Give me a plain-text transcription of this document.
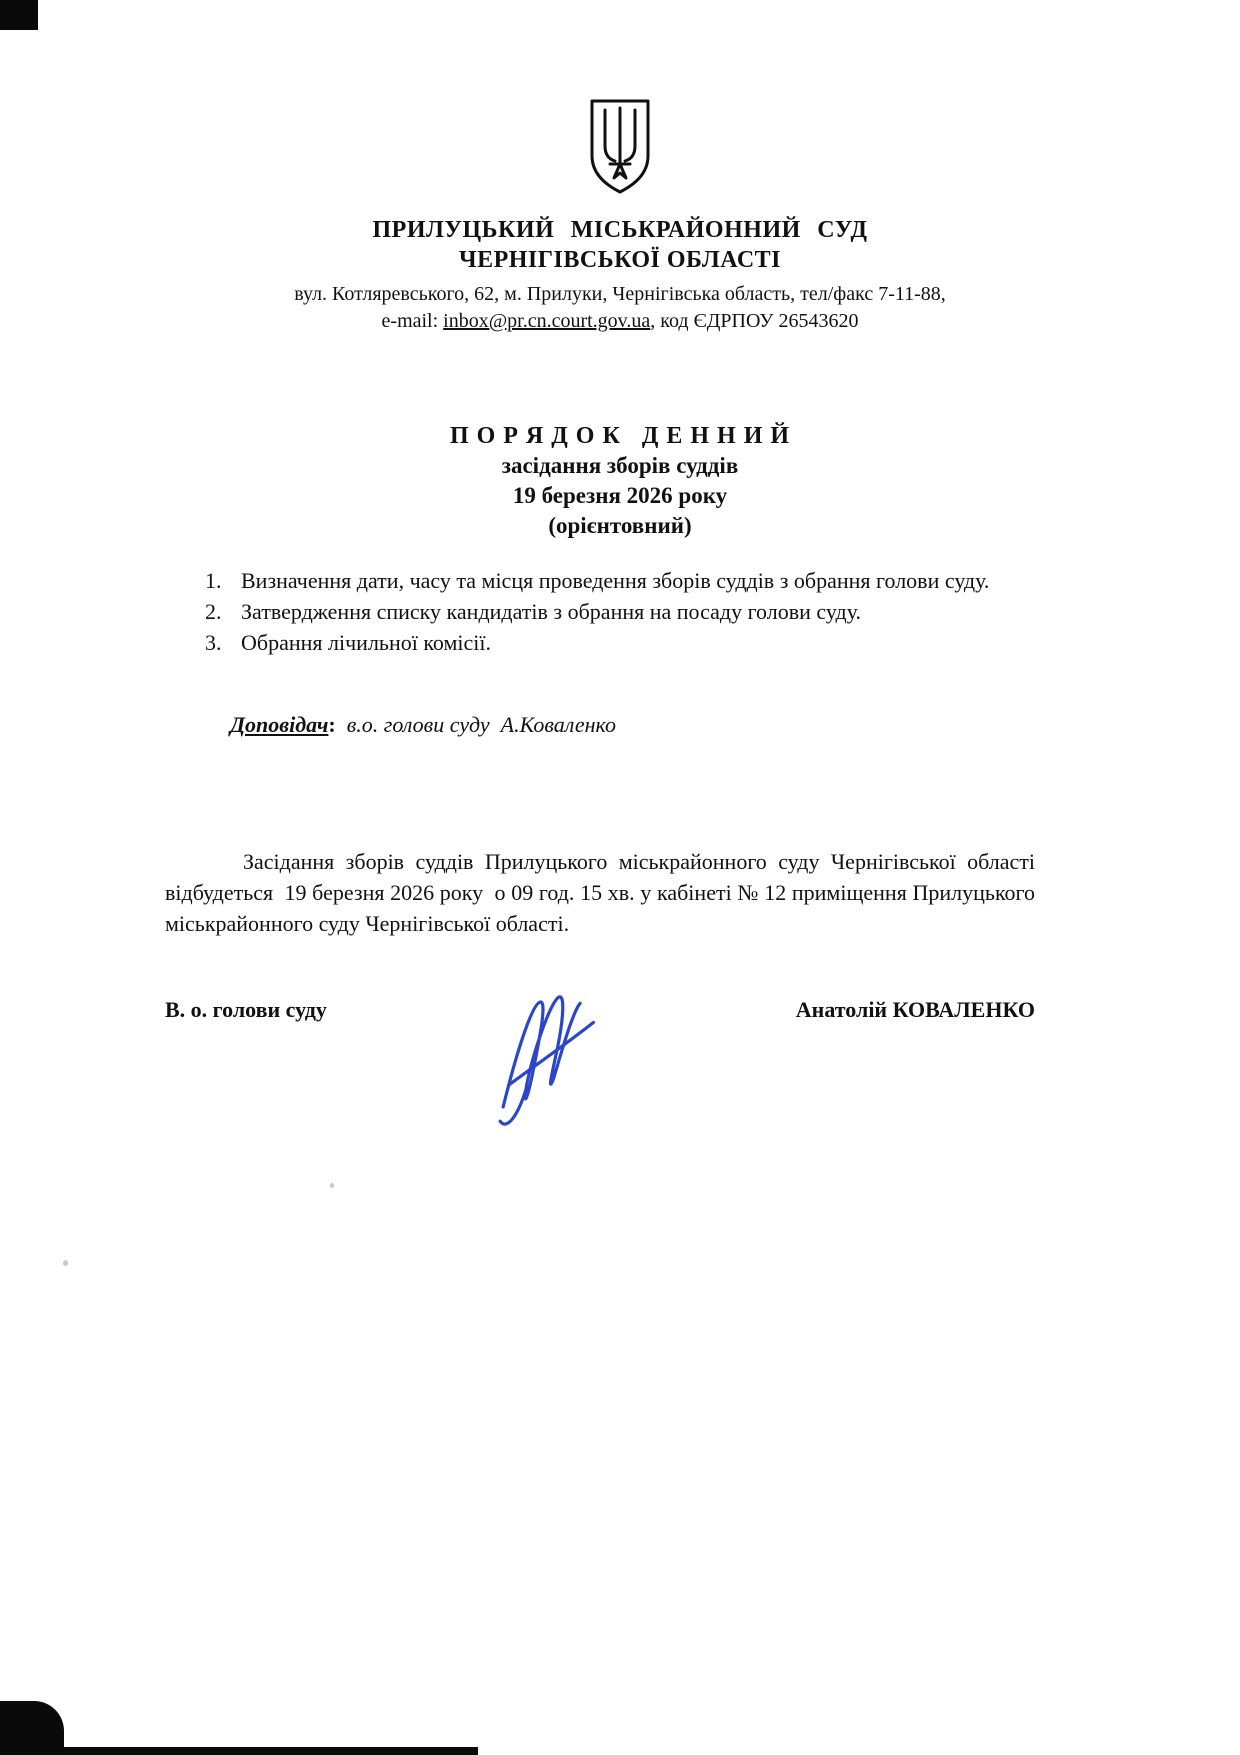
ПРИЛУЦЬКИЙ МІСЬКРАЙОННИЙ СУД
ЧЕРНІГІВСЬКОЇ ОБЛАСТІ
вул. Котляревського, 62, м. Прилуки, Чернігівська область, тел/факс 7-11-88,
e-mail: inbox@pr.cn.court.gov.ua, код ЄДРПОУ 26543620
П О Р Я Д О К   Д Е Н Н И Й
засідання зборів суддів
19 березня 2026 року
(орієнтовний)
1. Визначення дати, часу та місця проведення зборів суддів з обрання голови суду.
2. Затвердження списку кандидатів з обрання на посаду голови суду.
3. Обрання лічильної комісії.
Доповідач:  в.о. голови суду  А.Коваленко
Засідання зборів суддів Прилуцького міськрайонного суду Чернігівської області відбудеться  19 березня 2026 року  о 09 год. 15 хв. у кабінеті № 12 приміщення Прилуцького міськрайонного суду Чернігівської області.
В. о. голови суду	Анатолій КОВАЛЕНКО
